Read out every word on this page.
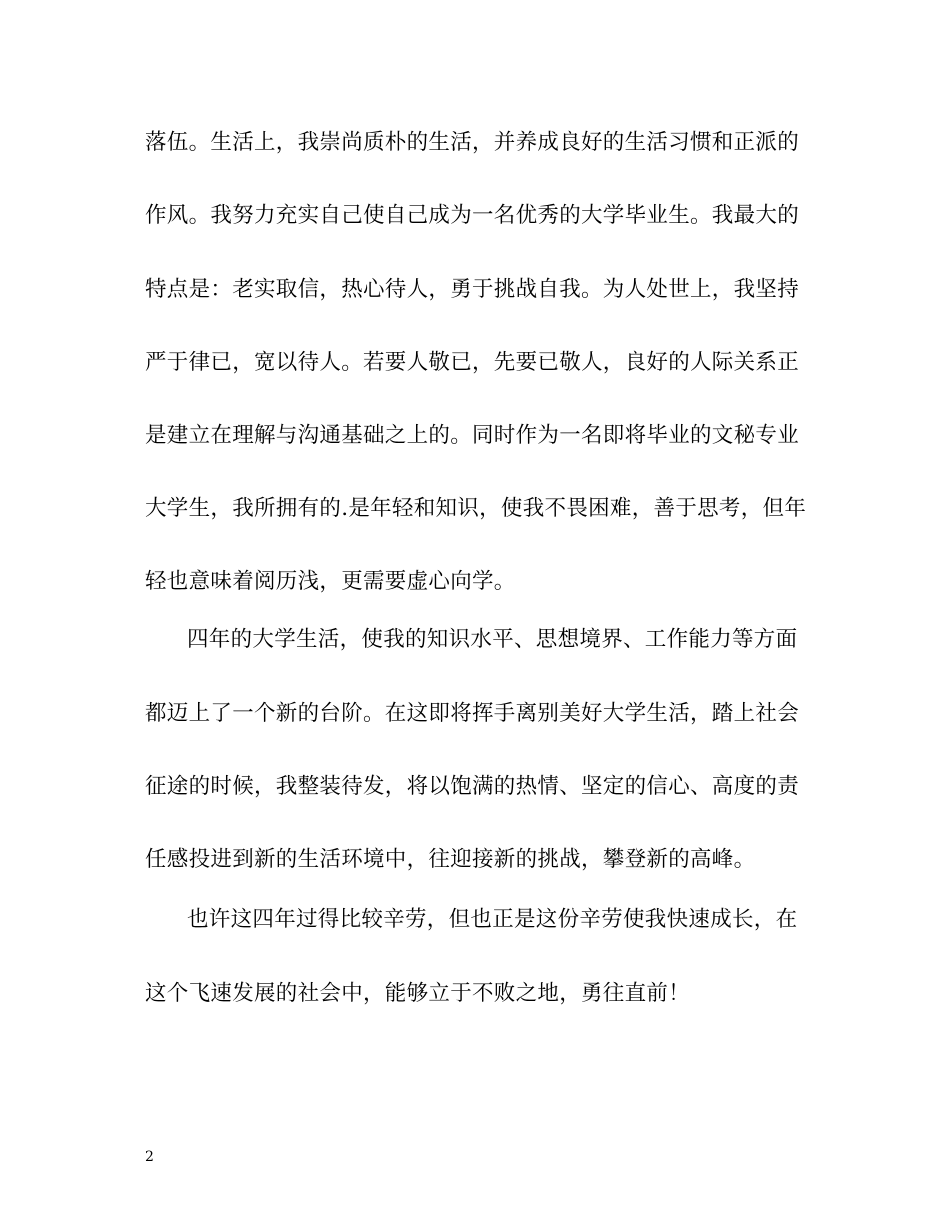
落伍。生活上，我崇尚质朴的生活，并养成良好的生活习惯和正派的
作风。我努力充实自己使自己成为一名优秀的大学毕业生。我最大的
特点是：老实取信，热心待人，勇于挑战自我。为人处世上，我坚持
严于律已，宽以待人。若要人敬已，先要已敬人，良好的人际关系正
是建立在理解与沟通基础之上的。同时作为一名即将毕业的文秘专业
大学生，我所拥有的.是年轻和知识，使我不畏困难，善于思考，但年
轻也意味着阅历浅，更需要虚心向学。
四年的大学生活，使我的知识水平、思想境界、工作能力等方面
都迈上了一个新的台阶。在这即将挥手离别美好大学生活，踏上社会
征途的时候，我整装待发，将以饱满的热情、坚定的信心、高度的责
任感投进到新的生活环境中，往迎接新的挑战，攀登新的高峰。
也许这四年过得比较辛劳，但也正是这份辛劳使我快速成长，在
这个飞速发展的社会中，能够立于不败之地，勇往直前！
2
